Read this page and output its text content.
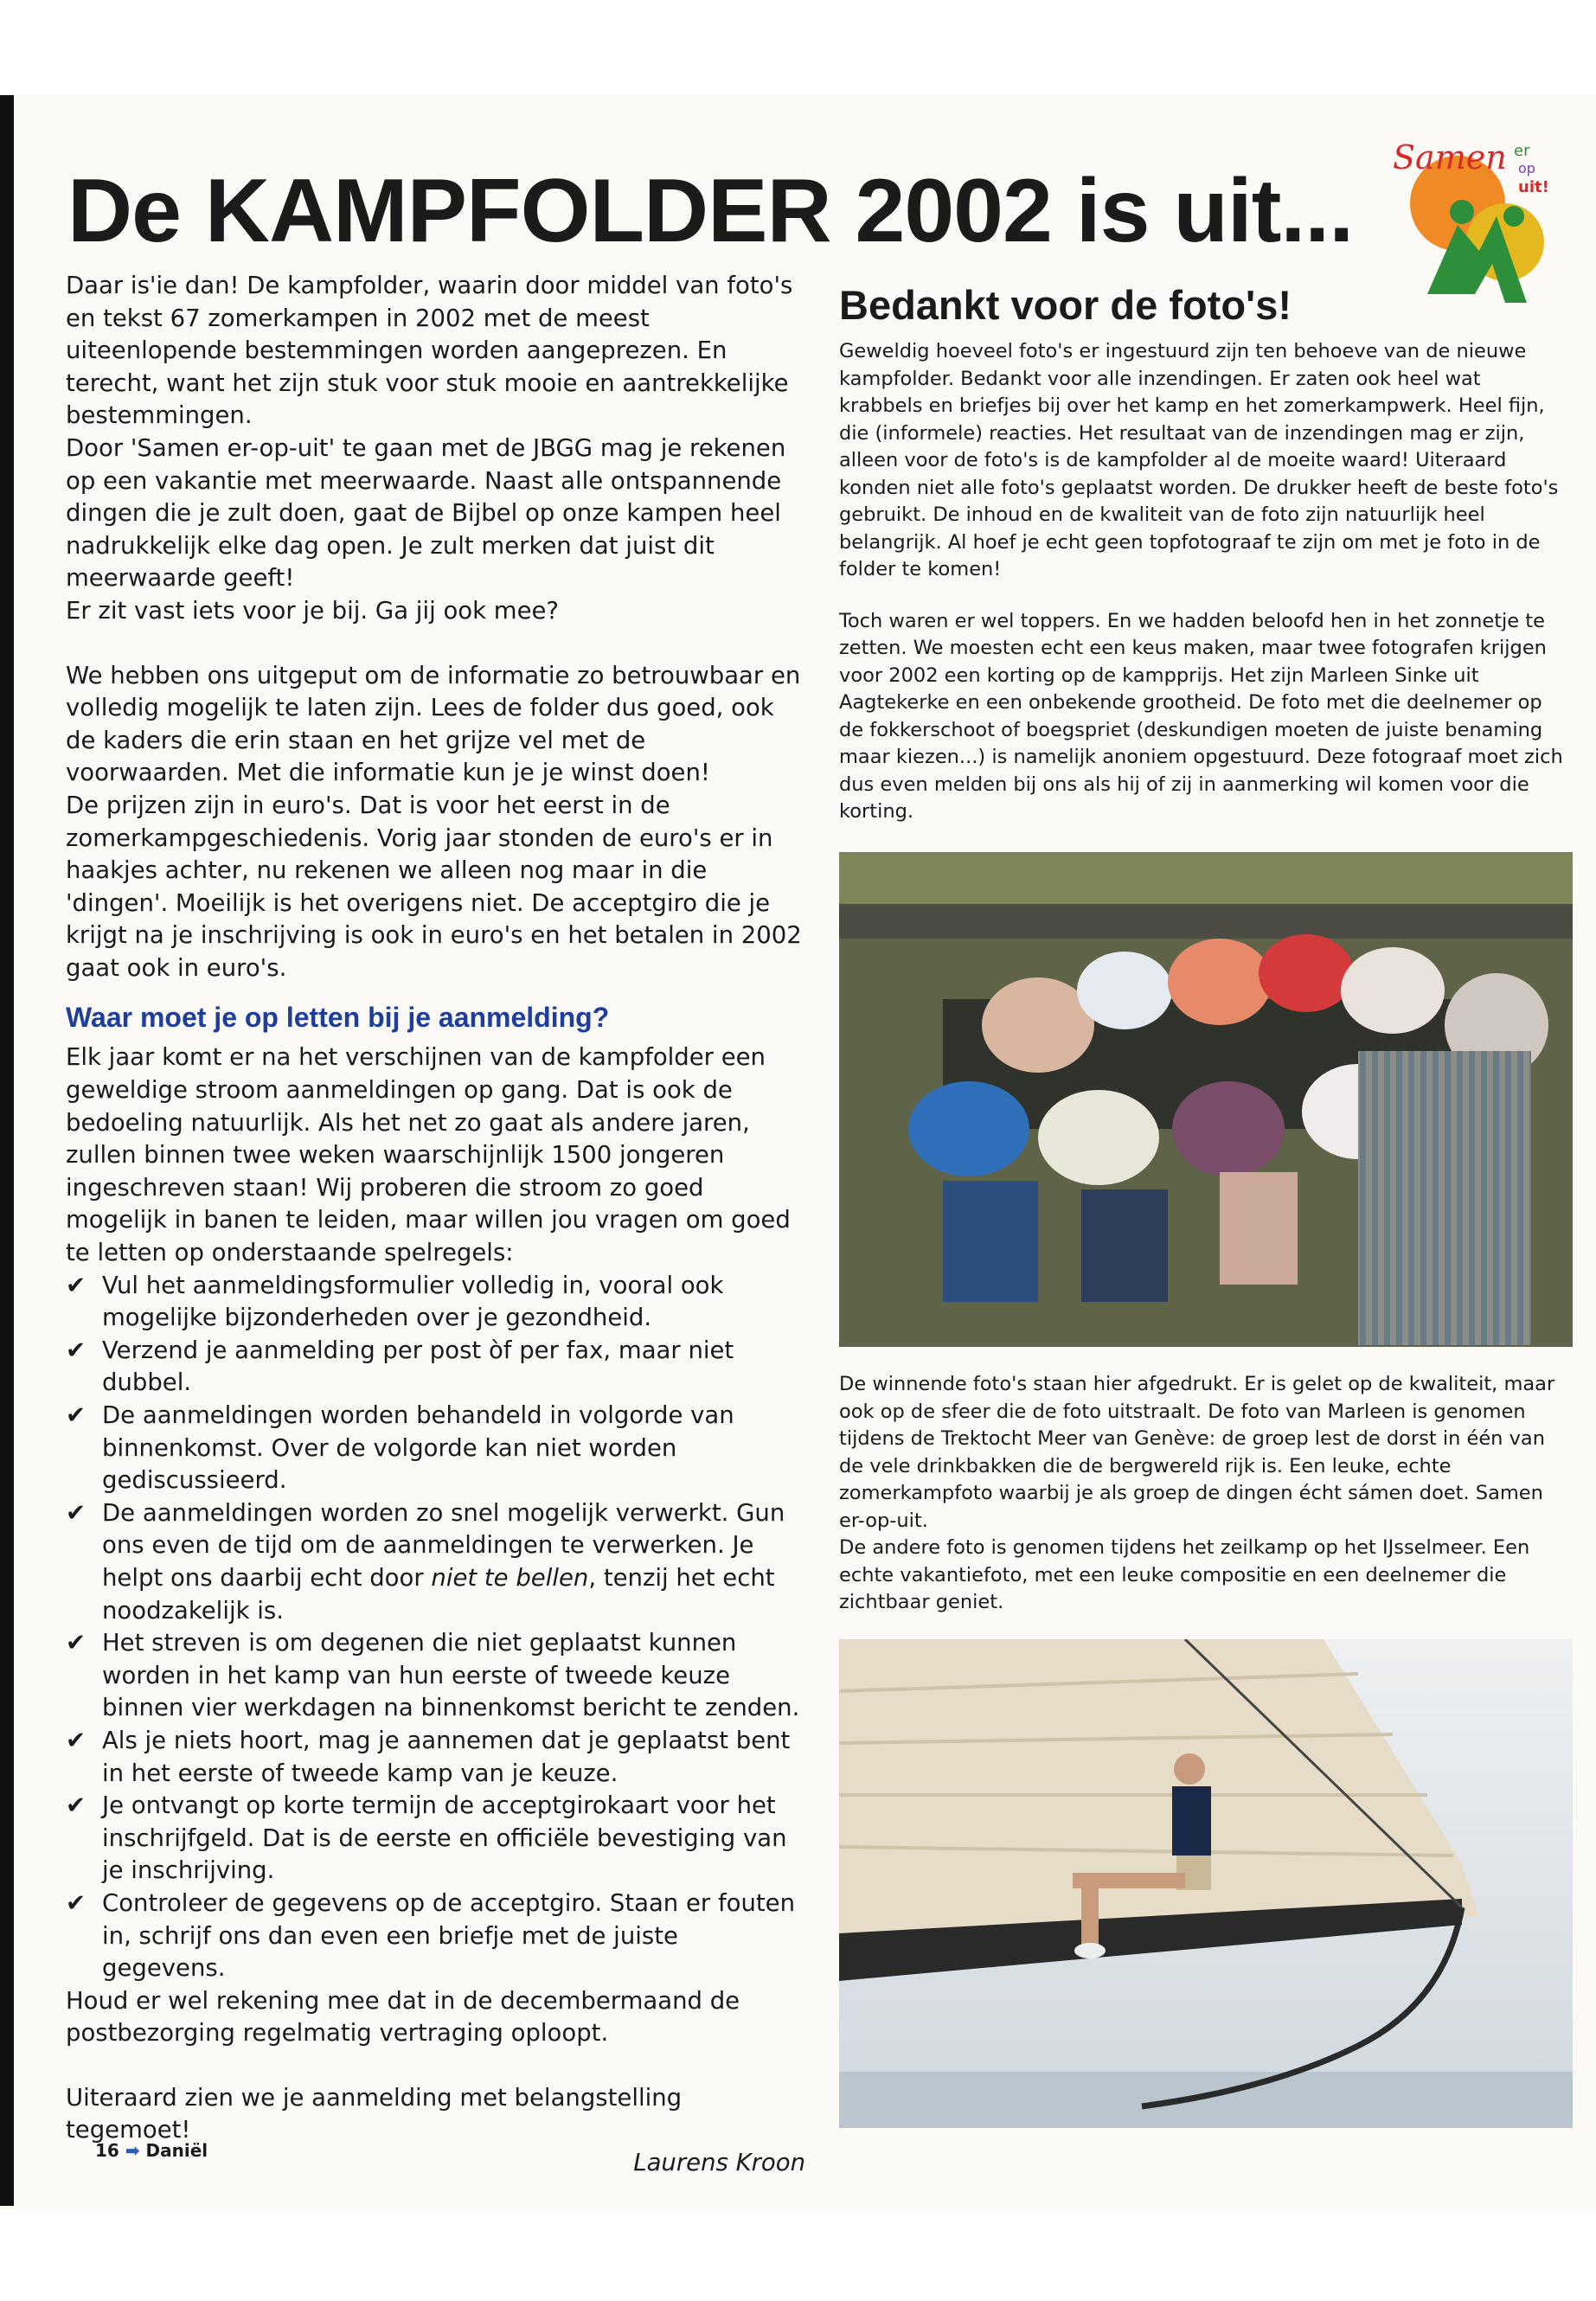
De KAMPFOLDER 2002 is uit...
Samen er
op
uit!

Daar is'ie dan! De kampfolder, waarin door middel van foto's en tekst 67 zomerkampen in 2002 met de meest uiteenlopende bestemmingen worden aangeprezen. En terecht, want het zijn stuk voor stuk mooie en aantrekkelijke bestemmingen.

Door 'Samen er-op-uit' te gaan met de JBGG mag je rekenen op een vakantie met meerwaarde. Naast alle ontspannende dingen die je zult doen, gaat de Bijbel op onze kampen heel nadrukkelijk elke dag open. Je zult merken dat juist dit meerwaarde geeft!

Er zit vast iets voor je bij. Ga jij ook mee?

We hebben ons uitgeput om de informatie zo betrouwbaar en volledig mogelijk te laten zijn. Lees de folder dus goed, ook de kaders die erin staan en het grijze vel met de voorwaarden. Met die informatie kun je je winst doen!

De prijzen zijn in euro's. Dat is voor het eerst in de zomerkampgeschiedenis. Vorig jaar stonden de euro's er in haakjes achter, nu rekenen we alleen nog maar in die 'dingen'. Moeilijk is het overigens niet. De acceptgiro die je krijgt na je inschrijving is ook in euro's en het betalen in 2002 gaat ook in euro's.

Waar moet je op letten bij je aanmelding?

Elk jaar komt er na het verschijnen van de kampfolder een geweldige stroom aanmeldingen op gang. Dat is ook de bedoeling natuurlijk. Als het net zo gaat als andere jaren, zullen binnen twee weken waarschijnlijk 1500 jongeren ingeschreven staan! Wij proberen die stroom zo goed mogelijk in banen te leiden, maar willen jou vragen om goed te letten op onderstaande spelregels:

✔ Vul het aanmeldingsformulier volledig in, vooral ook mogelijke bijzonderheden over je gezondheid.
✔ Verzend je aanmelding per post òf per fax, maar niet dubbel.
✔ De aanmeldingen worden behandeld in volgorde van binnenkomst. Over de volgorde kan niet worden gediscussieerd.
✔ De aanmeldingen worden zo snel mogelijk verwerkt. Gun ons even de tijd om de aanmeldingen te verwerken. Je helpt ons daarbij echt door niet te bellen, tenzij het echt noodzakelijk is.
✔ Het streven is om degenen die niet geplaatst kunnen worden in het kamp van hun eerste of tweede keuze binnen vier werkdagen na binnenkomst bericht te zenden.
✔ Als je niets hoort, mag je aannemen dat je geplaatst bent in het eerste of tweede kamp van je keuze.
✔ Je ontvangt op korte termijn de acceptgirokaart voor het inschrijfgeld. Dat is de eerste en officiële bevestiging van je inschrijving.
✔ Controleer de gegevens op de acceptgiro. Staan er fouten in, schrijf ons dan even een briefje met de juiste gegevens.

Houd er wel rekening mee dat in de decembermaand de postbezorging regelmatig vertraging oploopt.

Uiteraard zien we je aanmelding met belangstelling tegemoet!

Laurens Kroon

Bedankt voor de foto's!

Geweldig hoeveel foto's er ingestuurd zijn ten behoeve van de nieuwe kampfolder. Bedankt voor alle inzendingen. Er zaten ook heel wat krabbels en briefjes bij over het kamp en het zomerkampwerk. Heel fijn, die (informele) reacties. Het resultaat van de inzendingen mag er zijn, alleen voor de foto's is de kampfolder al de moeite waard! Uiteraard konden niet alle foto's geplaatst worden. De drukker heeft de beste foto's gebruikt. De inhoud en de kwaliteit van de foto zijn natuurlijk heel belangrijk. Al hoef je echt geen topfotograaf te zijn om met je foto in de folder te komen!

Toch waren er wel toppers. En we hadden beloofd hen in het zonnetje te zetten. We moesten echt een keus maken, maar twee fotografen krijgen voor 2002 een korting op de kampprijs. Het zijn Marleen Sinke uit Aagtekerke en een onbekende grootheid. De foto met die deelnemer op de fokkerschoot of boegspriet (deskundigen moeten de juiste benaming maar kiezen...) is namelijk anoniem opgestuurd. Deze fotograaf moet zich dus even melden bij ons als hij of zij in aanmerking wil komen voor die korting.

De winnende foto's staan hier afgedrukt. Er is gelet op de kwaliteit, maar ook op de sfeer die de foto uitstraalt. De foto van Marleen is genomen tijdens de Trektocht Meer van Genève: de groep lest de dorst in één van de vele drinkbakken die de bergwereld rijk is. Een leuke, echte zomerkampfoto waarbij je als groep de dingen écht sámen doet. Samen er-op-uit.

De andere foto is genomen tijdens het zeilkamp op het IJsselmeer. Een echte vakantiefoto, met een leuke compositie en een deelnemer die zichtbaar geniet.

16 ➡ Daniël
